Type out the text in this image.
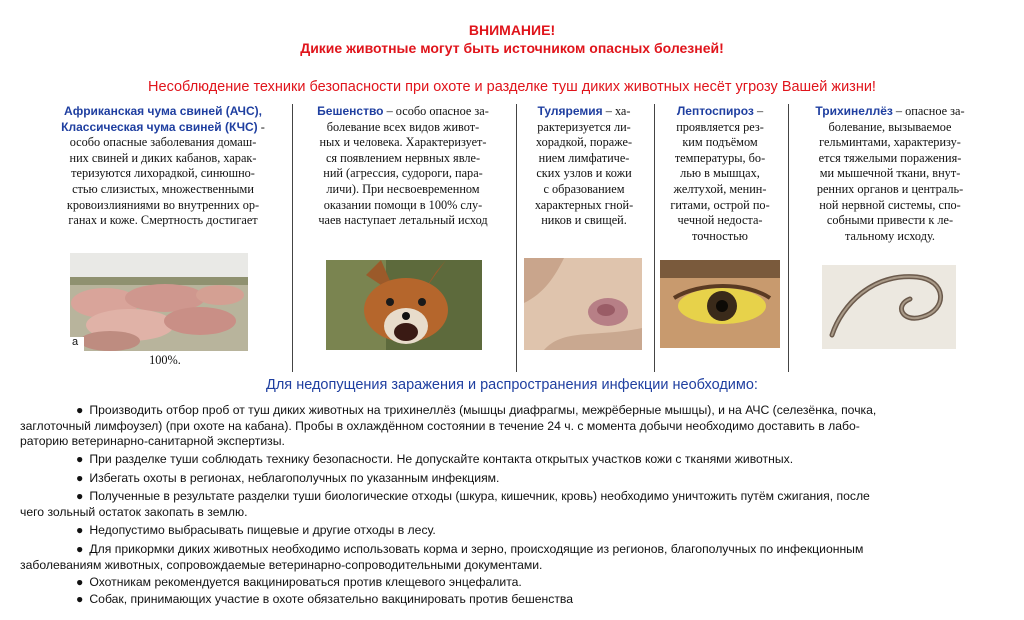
ВНИМАНИЕ!
Дикие животные могут быть источником опасных болезней!
Несоблюдение техники безопасности при охоте и разделке туш диких животных несёт угрозу Вашей жизни!
Африканская чума свиней (АЧС),
Классическая чума свиней (КЧС) -
особо опасные заболевания домаш-
них свиней и диких кабанов, харак-
теризуются лихорадкой, синюшно-
стью слизистых, множественными
кровоизлияниями во внутренних ор-
ганах и коже. Смертность достигает
а
100%.
Бешенство – особо опасное за-
болевание всех видов живот-
ных и человека. Характеризует-
ся появлением нервных явле-
ний (агрессия, судороги, пара-
личи). При несвоевременном
оказании помощи в 100% слу-
чаев наступает летальный исход
Туляремия – ха-
рактеризуется ли-
хорадкой, пораже-
нием лимфатиче-
ских узлов и кожи
с образованием
характерных гной-
ников и свищей.
Лептоспироз –
проявляется рез-
ким подъёмом
температуры, бо-
лью в мышцах,
желтухой, менин-
гитами, острой по-
чечной недоста-
точностью
Трихинеллёз – опасное за-
болевание, вызываемое
гельминтами, характеризу-
ется тяжелыми поражения-
ми мышечной ткани, внут-
ренних органов и централь-
ной нервной системы, спо-
собными привести к ле-
тальному исходу.
Для недопущения заражения и распространения инфекции необходимо:
● Производить отбор проб от туш диких животных на трихинеллёз (мышцы диафрагмы, межрёберные мышцы), и на АЧС (селезёнка, почка,
заглоточный лимфоузел) (при охоте на кабана). Пробы в охлаждённом состоянии в течение 24 ч. с момента добычи необходимо доставить в лабо-
раторию ветеринарно-санитарной экспертизы.
● При разделке туши соблюдать технику безопасности. Не допускайте контакта открытых участков кожи с тканями животных.
● Избегать охоты в регионах, неблагополучных по указанным инфекциям.
● Полученные в результате разделки туши биологические отходы (шкура, кишечник, кровь) необходимо уничтожить путём сжигания, после
чего зольный остаток закопать в землю.
● Недопустимо выбрасывать пищевые и другие отходы в лесу.
● Для прикормки диких животных необходимо использовать корма и зерно, происходящие из регионов, благополучных по инфекционным
заболеваниям животных, сопровождаемые ветеринарно-сопроводительными документами.
● Охотникам рекомендуется вакцинироваться против клещевого энцефалита.
● Собак, принимающих участие в охоте обязательно вакцинировать против бешенства
